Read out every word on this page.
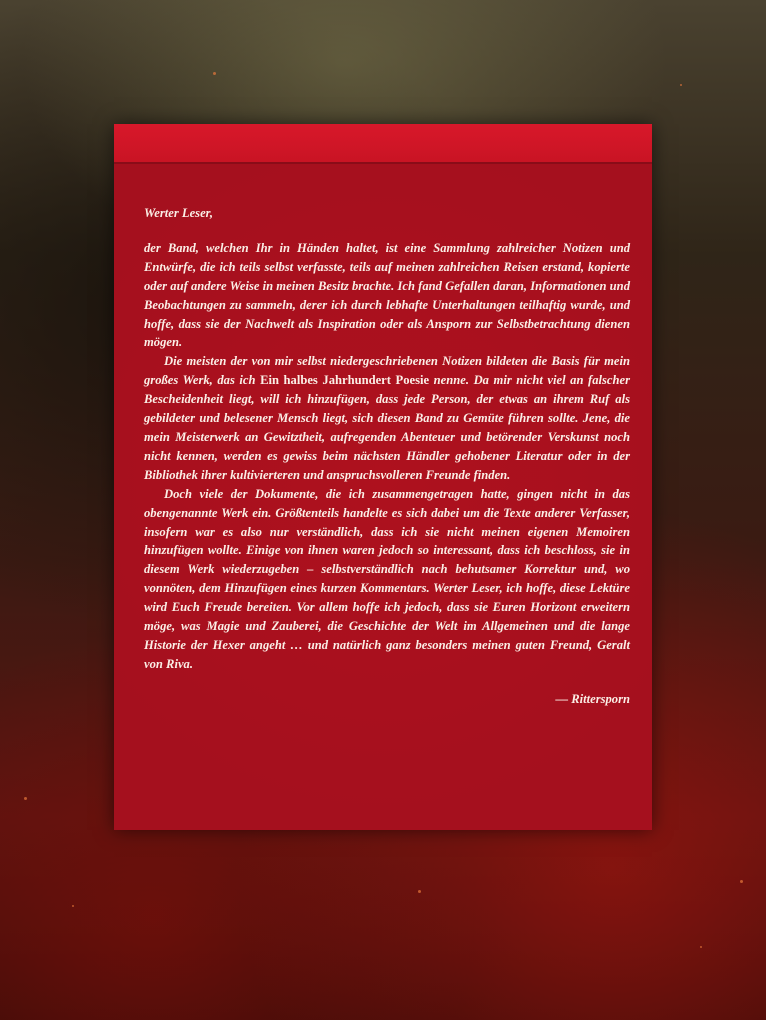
Werter Leser,

der Band, welchen Ihr in Händen haltet, ist eine Sammlung zahlreicher Notizen und Entwürfe, die ich teils selbst verfasste, teils auf meinen zahlreichen Reisen erstand, kopierte oder auf andere Weise in meinen Besitz brachte. Ich fand Gefallen daran, Informationen und Beobachtungen zu sammeln, derer ich durch lebhafte Unterhaltungen teilhaftig wurde, und hoffe, dass sie der Nachwelt als Inspiration oder als Ansporn zur Selbstbetrachtung dienen mögen.

Die meisten der von mir selbst niedergeschriebenen Notizen bildeten die Basis für mein großes Werk, das ich Ein halbes Jahrhundert Poesie nenne. Da mir nicht viel an falscher Bescheidenheit liegt, will ich hinzufügen, dass jede Person, der etwas an ihrem Ruf als gebildeter und belesener Mensch liegt, sich diesen Band zu Gemüte führen sollte. Jene, die mein Meisterwerk an Gewitztheit, aufregenden Abenteuer und betörender Verskunst noch nicht kennen, werden es gewiss beim nächsten Händler gehobener Literatur oder in der Bibliothek ihrer kultivierteren und anspruchsvolleren Freunde finden.

Doch viele der Dokumente, die ich zusammengetragen hatte, gingen nicht in das obengenannte Werk ein. Größtenteils handelte es sich dabei um die Texte anderer Verfasser, insofern war es also nur verständlich, dass ich sie nicht meinen eigenen Memoiren hinzufügen wollte. Einige von ihnen waren jedoch so interessant, dass ich beschloss, sie in diesem Werk wiederzugeben – selbstverständlich nach behutsamer Korrektur und, wo vonnöten, dem Hinzufügen eines kurzen Kommentars. Werter Leser, ich hoffe, diese Lektüre wird Euch Freude bereiten. Vor allem hoffe ich jedoch, dass sie Euren Horizont erweitern möge, was Magie und Zauberei, die Geschichte der Welt im Allgemeinen und die lange Historie der Hexer angeht … und natürlich ganz besonders meinen guten Freund, Geralt von Riva.

— Rittersporn
